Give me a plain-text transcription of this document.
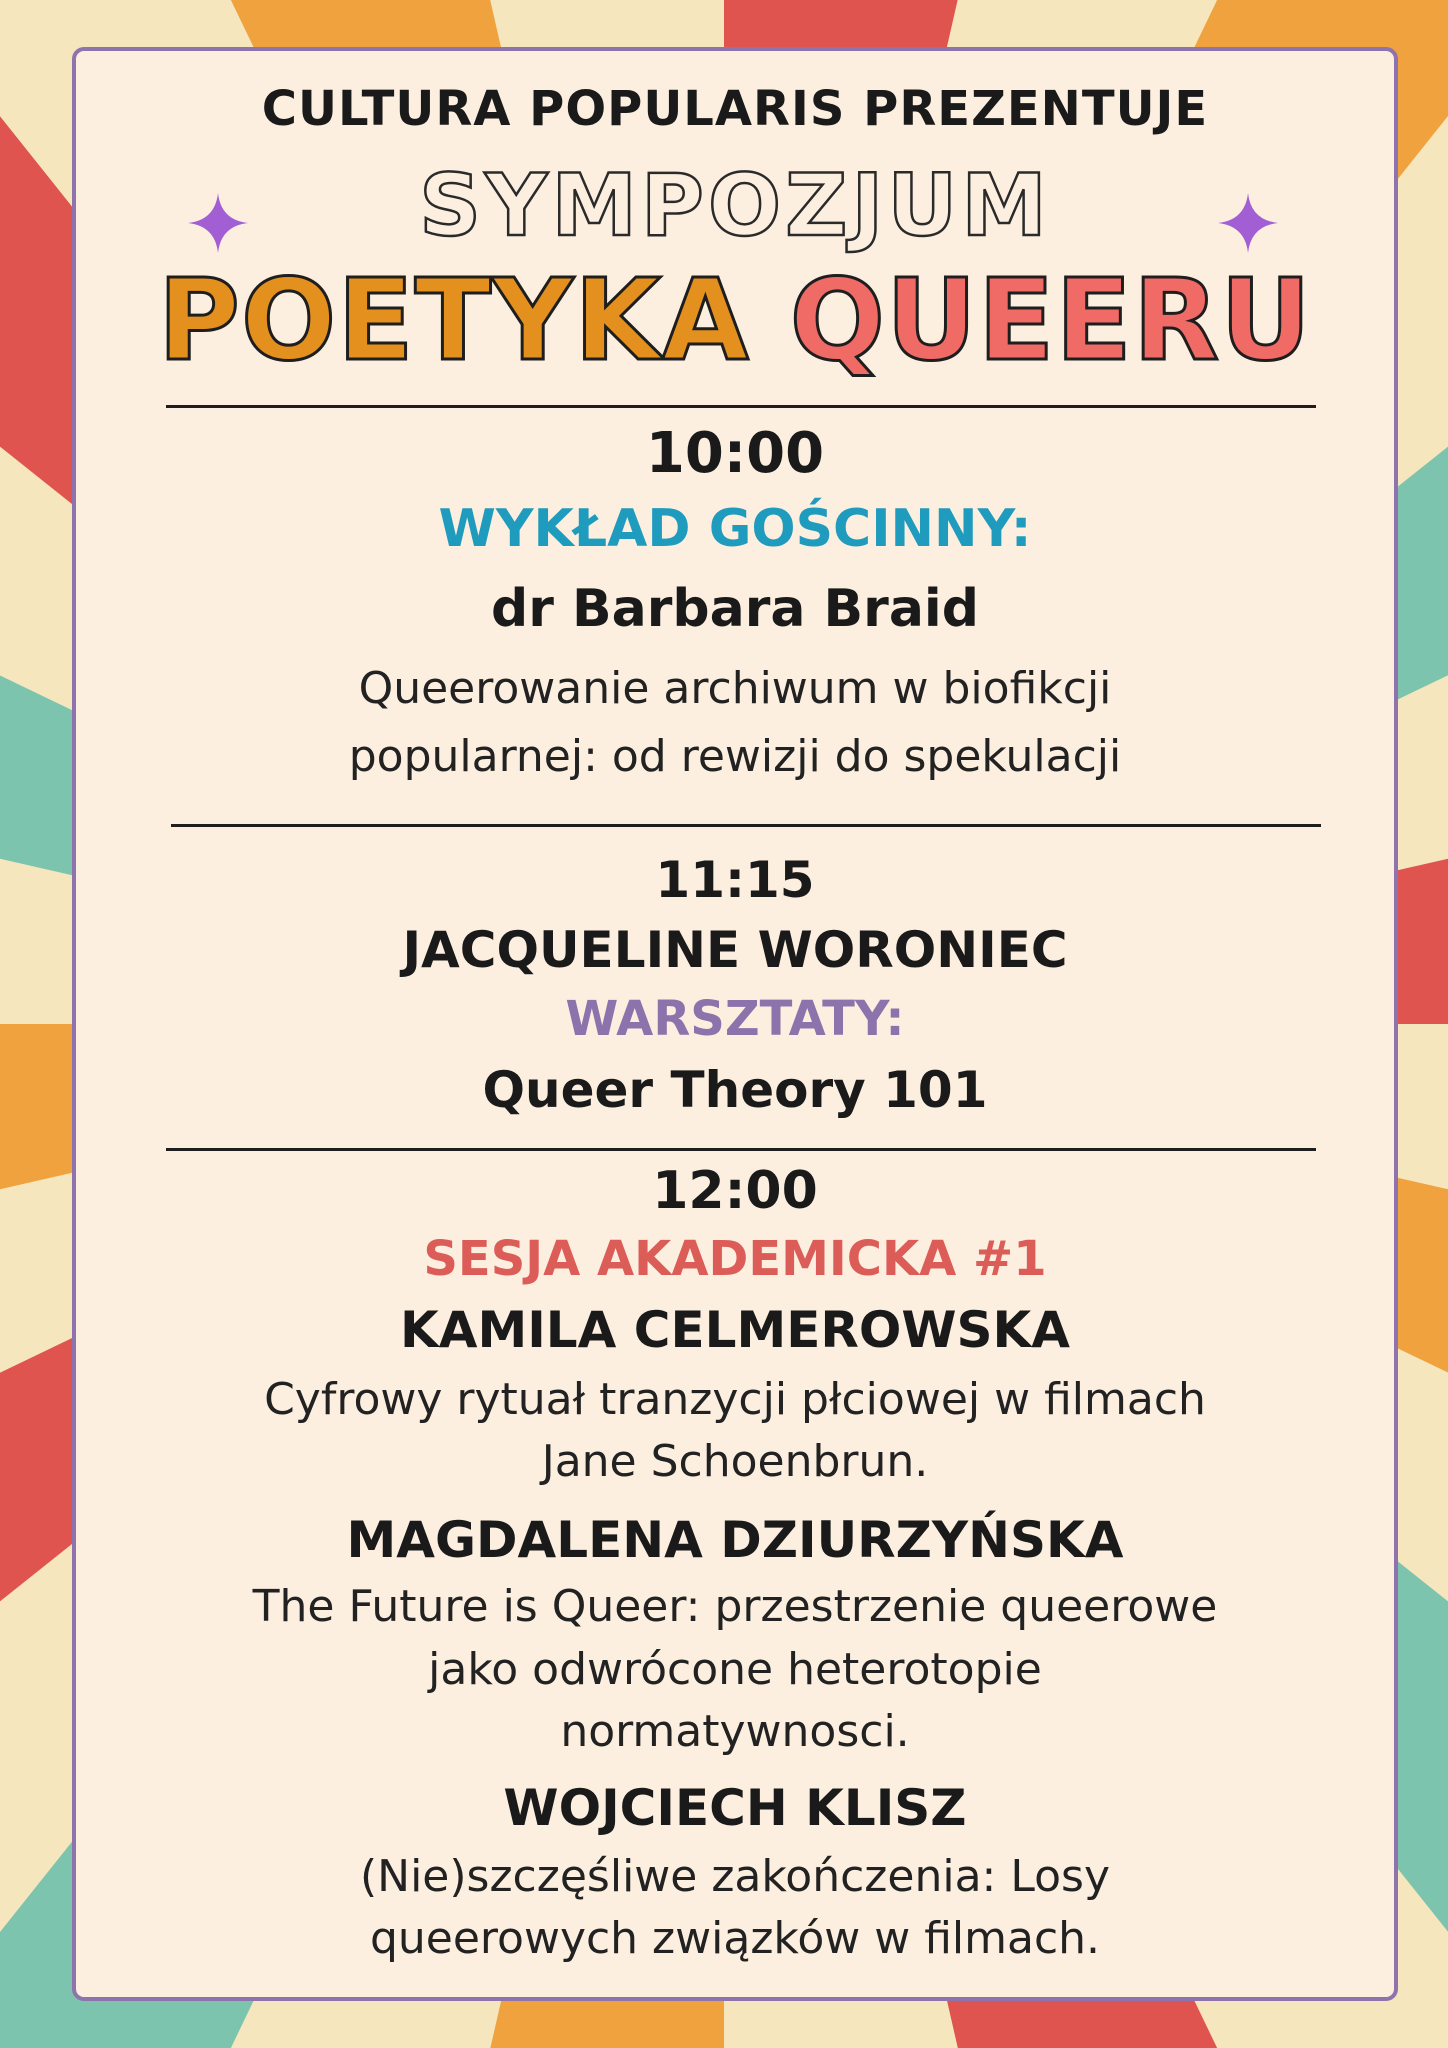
CULTURA POPULARIS PREZENTUJE
SYMPOZJUM
POETYKA QUEERU
10:00
WYKŁAD GOŚCINNY:
dr Barbara Braid
Queerowanie archiwum w biofikcji
popularnej: od rewizji do spekulacji
11:15
JACQUELINE WORONIEC
WARSZTATY:
Queer Theory 101
12:00
SESJA AKADEMICKA #1
KAMILA CELMEROWSKA
Cyfrowy rytuał tranzycji płciowej w filmach
Jane Schoenbrun.
MAGDALENA DZIURZYŃSKA
The Future is Queer: przestrzenie queerowe
jako odwrócone heterotopie
normatywnosci.
WOJCIECH KLISZ
(Nie)szczęśliwe zakończenia: Losy
queerowych związków w filmach.
